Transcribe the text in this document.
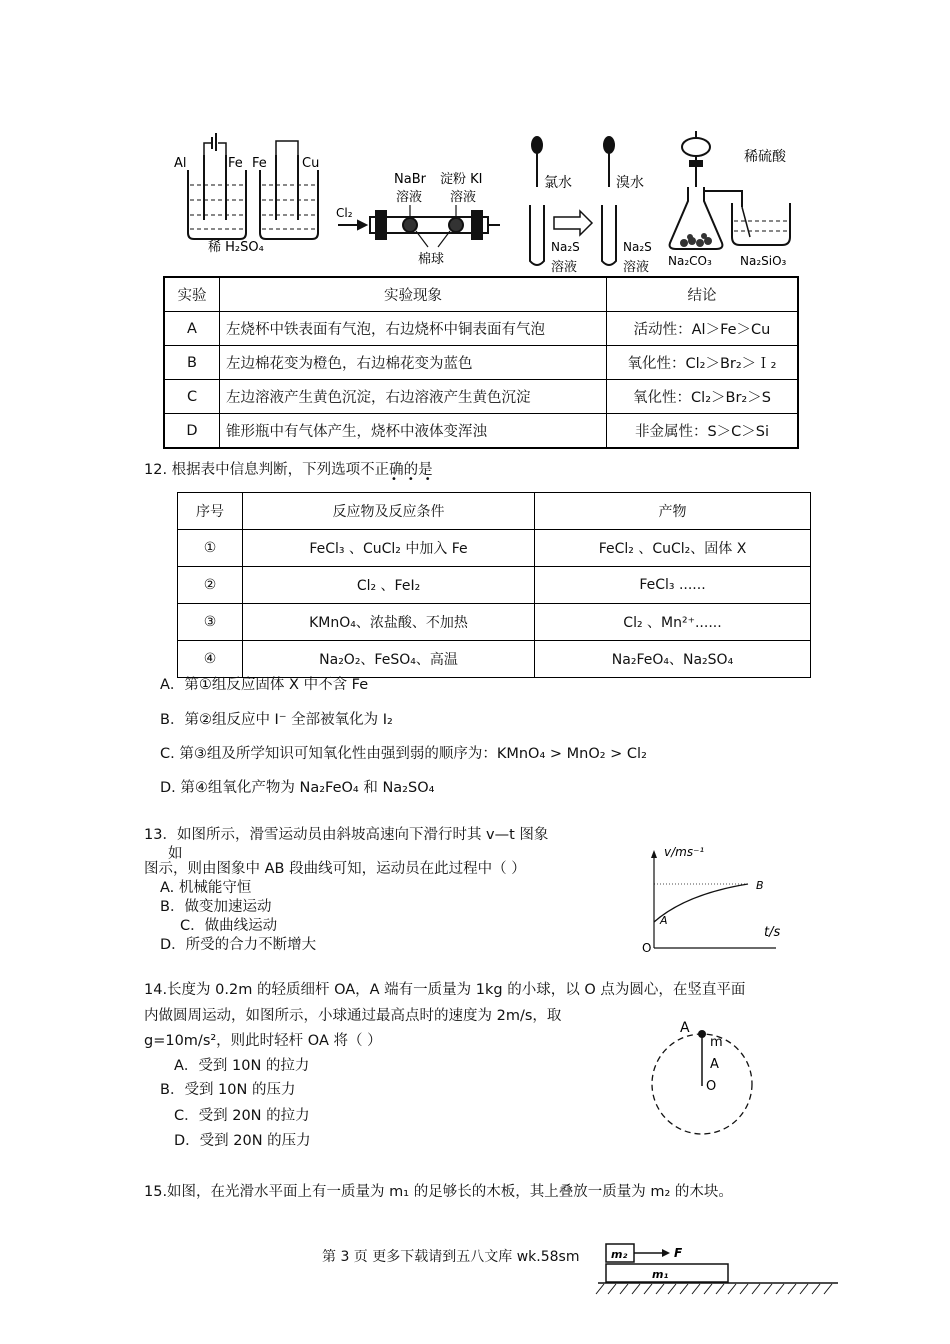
Al	Fe Fe	Cu
稀 H₂SO₄
Cl₂
NaBr
溶液
淀粉 KI
溶液
棉球
氯水	溴水
Na₂S
溶液
Na₂S
溶液
稀硫酸
Na₂CO₃ Na₂SiO₃
实验	实验现象	结论
A	左烧杯中铁表面有气泡，右边烧杯中铜表面有气泡	活动性：Al＞Fe＞Cu
B	左边棉花变为橙色，右边棉花变为蓝色	氧化性：Cl₂＞Br₂＞Ｉ₂
C	左边溶液产生黄色沉淀，右边溶液产生黄色沉淀	氧化性：Cl₂＞Br₂＞S
D	锥形瓶中有气体产生，烧杯中液体变浑浊	非金属性：S＞C＞Si
12. 根据表中信息判断，下列选项不正确的是
•••
序号	反应物及反应条件	产物
①	FeCl₃ 、CuCl₂ 中加入 Fe	FeCl₂ 、CuCl₂、固体 X
②	Cl₂ 、FeI₂	FeCl₃ ......
③	KMnO₄、浓盐酸、不加热	Cl₂ 、Mn²⁺......
④	Na₂O₂、FeSO₄、高温	Na₂FeO₄、Na₂SO₄
A．第①组反应固体 X 中不含 Fe
B．第②组反应中 I⁻ 全部被氧化为 I₂
C. 第③组及所学知识可知氧化性由强到弱的顺序为：KMnO₄ > MnO₂ > Cl₂
D. 第④组氧化产物为 Na₂FeO₄ 和 Na₂SO₄
13．如图所示，滑雪运动员由斜坡高速向下滑行时其 v—t 图象
如
图示，则由图象中 AB 段曲线可知，运动员在此过程中（ ）
A. 机械能守恒
B．做变加速运动
C．做曲线运动
D．所受的合力不断增大
v/ms⁻¹
t/s
O
A
B
14.长度为 0.2m 的轻质细杆 OA，A 端有一质量为 1kg 的小球，以 O 点为圆心，在竖直平面
内做圆周运动，如图所示，小球通过最高点时的速度为 2m/s，取
g=10m/s²，则此时轻杆 OA 将（ ）
A．受到 10N 的拉力
B．受到 10N 的压力
C．受到 20N 的拉力
D．受到 20N 的压力
A
m
A
O
15.如图，在光滑水平面上有一质量为 m₁ 的足够长的木板，其上叠放一质量为 m₂ 的木块。
m₂
m₁
F
第 3 页 更多下载请到五八文库 wk.58sm
